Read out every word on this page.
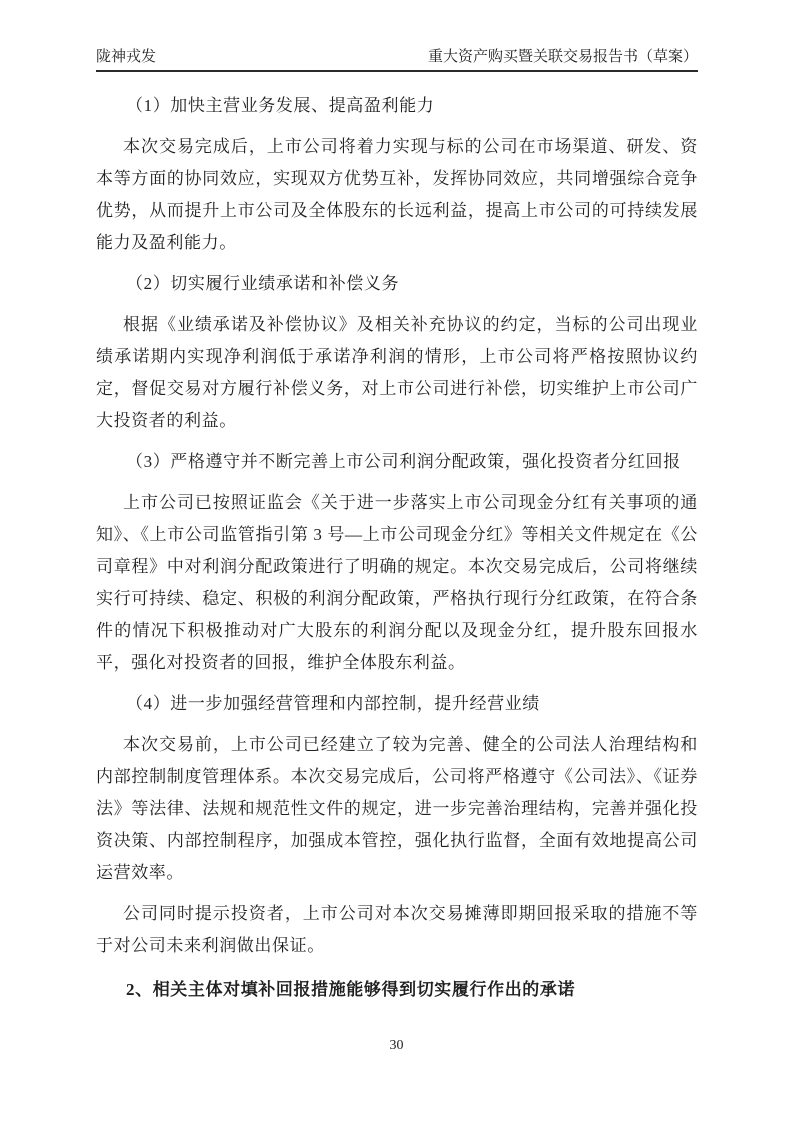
陇神戎发	重大资产购买暨关联交易报告书（草案）
（1）加快主营业务发展、提高盈利能力
本次交易完成后，上市公司将着力实现与标的公司在市场渠道、研发、资本等方面的协同效应，实现双方优势互补，发挥协同效应，共同增强综合竞争优势，从而提升上市公司及全体股东的长远利益，提高上市公司的可持续发展能力及盈利能力。
（2）切实履行业绩承诺和补偿义务
根据《业绩承诺及补偿协议》及相关补充协议的约定，当标的公司出现业绩承诺期内实现净利润低于承诺净利润的情形，上市公司将严格按照协议约定，督促交易对方履行补偿义务，对上市公司进行补偿，切实维护上市公司广大投资者的利益。
（3）严格遵守并不断完善上市公司利润分配政策，强化投资者分红回报
上市公司已按照证监会《关于进一步落实上市公司现金分红有关事项的通知》、《上市公司监管指引第 3 号—上市公司现金分红》等相关文件规定在《公司章程》中对利润分配政策进行了明确的规定。本次交易完成后，公司将继续实行可持续、稳定、积极的利润分配政策，严格执行现行分红政策，在符合条件的情况下积极推动对广大股东的利润分配以及现金分红，提升股东回报水平，强化对投资者的回报，维护全体股东利益。
（4）进一步加强经营管理和内部控制，提升经营业绩
本次交易前，上市公司已经建立了较为完善、健全的公司法人治理结构和内部控制制度管理体系。本次交易完成后，公司将严格遵守《公司法》、《证券法》等法律、法规和规范性文件的规定，进一步完善治理结构，完善并强化投资决策、内部控制程序，加强成本管控，强化执行监督，全面有效地提高公司运营效率。
公司同时提示投资者，上市公司对本次交易摊薄即期回报采取的措施不等于对公司未来利润做出保证。
2、相关主体对填补回报措施能够得到切实履行作出的承诺
30
